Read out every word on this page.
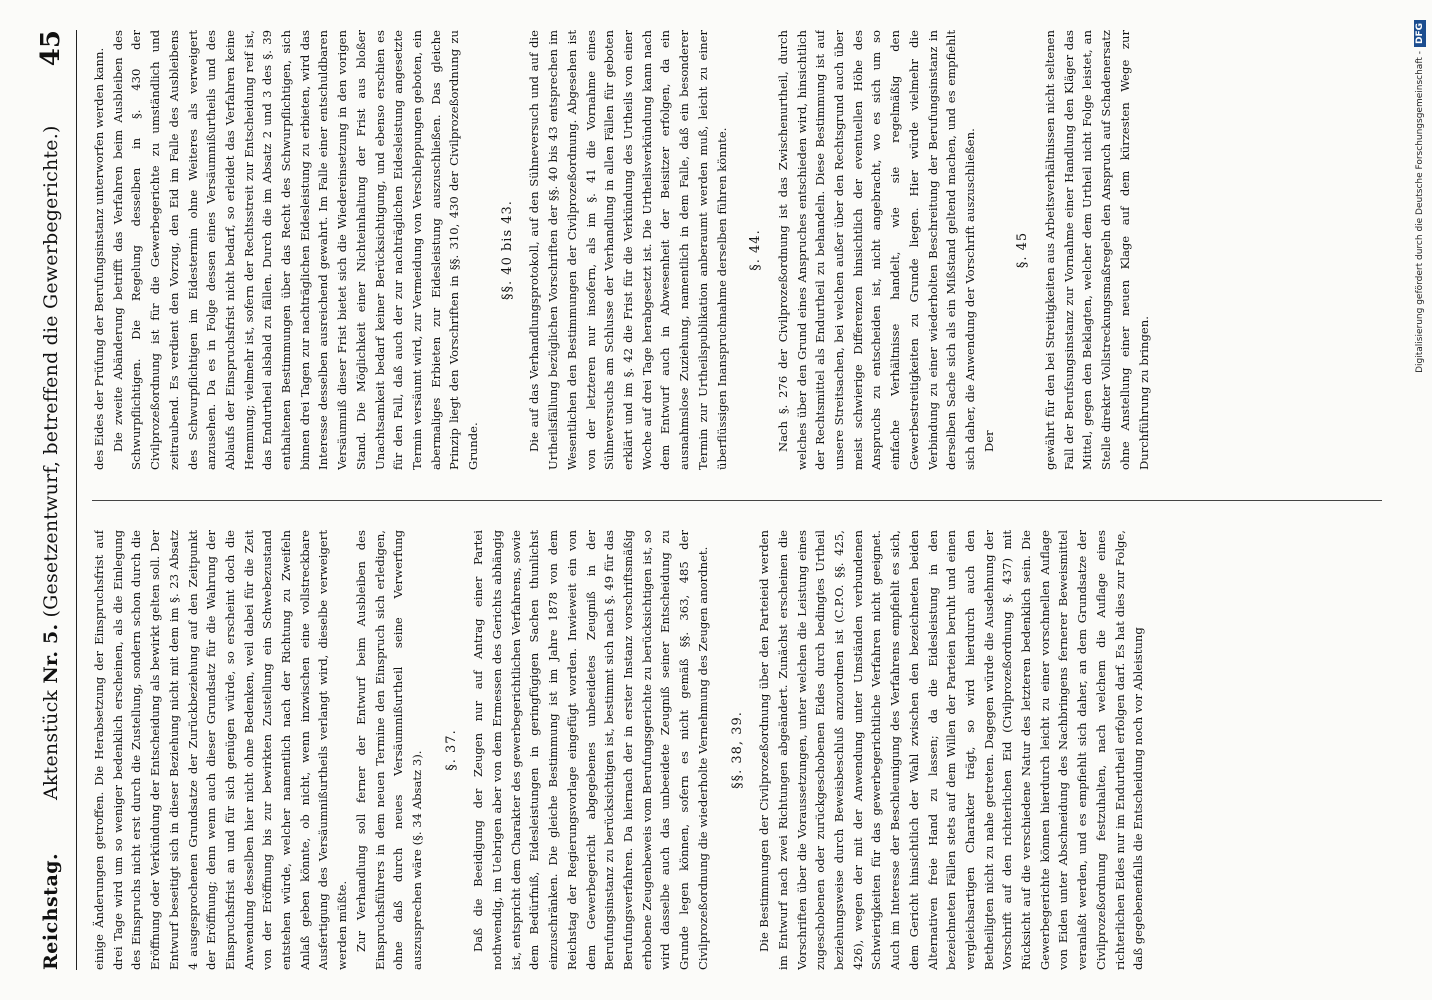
Reichstag.
Aktenstück Nr. 5. (Gesetzentwurf, betreffend die Gewerbegerichte.)
45

einige Änderungen getroffen. Die Herabsetzung der Einspruchsfrist auf drei Tage wird um so weniger bedenklich erscheinen, als die Einlegung des Einspruchs nicht erst durch die Zustellung, sondern schon durch die Eröffnung oder Verkündung der Entscheidung als bewirkt gelten soll. Der Entwurf beseitigt sich in dieser Beziehung nicht mit dem im §. 23 Absatz 4 ausgesprochenen Grundsatze der Zurückbeziehung auf den Zeitpunkt der Eröffnung; denn wenn auch dieser Grundsatz für die Wahrung der Einspruchsfrist an und für sich genügen würde, so erscheint doch die Anwendung desselben hier nicht ohne Bedenken, weil dabei für die Zeit von der Eröffnung bis zur bewirkten Zustellung ein Schwebezustand entstehen würde, welcher namentlich nach der Richtung zu Zweifeln Anlaß geben könnte, ob nicht, wenn inzwischen eine vollstreckbare Ausfertigung des Versäumnißurtheils verlangt wird, dieselbe verweigert werden müßte. Zur Verhandlung soll ferner der Entwurf beim Ausbleiben des Einspruchsführers in dem neuen Termine den Einspruch sich erledigen, ohne daß durch neues Versäumnißurtheil seine Verwerfung auszusprechen wäre (§. 34 Absatz 3).

§. 37. Daß die Beeidigung der Zeugen nur auf Antrag einer Partei nothwendig, im Uebrigen aber von dem Ermessen des Gerichts abhängig ist, entspricht dem Charakter des gewerbegerichtlichen Verfahrens, sowie dem Bedürfniß, Eidesleistungen in geringfügigen Sachen thunlichst einzuschränken. Die gleiche Bestimmung ist im Jahre 1878 von dem Reichstag der Regierungsvorlage eingefügt worden. Inwieweit ein von dem Gewerbegericht abgegebenes unbeeidetes Zeugniß in der Berufungsinstanz zu berücksichtigen ist, bestimmt sich nach §. 49 für das Berufungsverfahren. Da hiernach der in erster Instanz vorschriftsmäßig erhobene Zeugenbeweis vom Berufungsgerichte zu berücksichtigen ist, so wird dasselbe auch das unbeeidete Zeugniß seiner Entscheidung zu Grunde legen können, sofern es nicht gemäß §§. 363, 485 der Civilprozeßordnung die wiederholte Vernehmung des Zeugen anordnet. §§. 38, 39. Die Bestimmungen der Civilprozeßordnung über den Parteieid werden im Entwurf nach zwei Richtungen abgeändert. Zunächst erscheinen die Vorschriften über die Voraussetzungen, unter welchen die Leistung eines zugeschobenen oder zurückgeschobenen Eides durch bedingtes Urtheil beziehungsweise durch Beweisbeschluß anzuordnen ist (C.P.O. §§. 425, 426), wegen der mit der Anwendung unter Umständen verbundenen Schwierigkeiten für das gewerbegerichtliche Verfahren nicht geeignet. Auch im Interesse der Beschleunigung des Verfahrens empfiehlt es sich, dem Gericht hinsichtlich der Wahl zwischen den bezeichneten beiden Alternativen freie Hand zu lassen; da die Eidesleistung in den bezeichneten Fällen stets auf dem Willen der Parteien beruht und einen vergleichsartigen Charakter trägt, so wird hierdurch auch den Betheiligten nicht zu nahe getreten. Dagegen würde die Ausdehnung der Vorschrift auf den richterlichen Eid (Civilprozeßordnung §. 437) mit Rücksicht auf die verschiedene Natur des letzteren bedenklich sein. Die Gewerbegerichte können hierdurch leicht zu einer vorschnellen Auflage von Eiden unter Abschneidung des Nachbringens fernerer Beweismittel veranlaßt werden, und es empfiehlt sich daher, an dem Grundsatze der Civilprozeßordnung festzuhalten, nach welchem die Auflage eines richterlichen Eides nur im Endurtheil erfolgen darf. Es hat dies zur Folge, daß gegebenenfalls die Entscheidung noch vor Ableistung

des Eides der Prüfung der Berufungsinstanz unterworfen werden kann. Die zweite Abänderung betrifft das Verfahren beim Ausbleiben des Schwurpflichtigen. Die Regelung desselben in §. 430 der Civilprozeßordnung ist für die Gewerbegerichte zu umständlich und zeitraubend. Es verdient den Vorzug, den Eid im Falle des Ausbleibens des Schwurpflichtigen im Eidestermin ohne Weiteres als verweigert anzusehen. Da es in Folge dessen eines Versäumnißurtheils und des Ablaufs der Einspruchsfrist nicht bedarf, so erleidet das Verfahren keine Hemmung; vielmehr ist, sofern der Rechtsstreit zur Entscheidung reif ist, das Endurtheil alsbald zu fällen. Durch die im Absatz 2 und 3 des §. 39 enthaltenen Bestimmungen über das Recht des Schwurpflichtigen, sich binnen drei Tagen zur nachträglichen Eidesleistung zu erbieten, wird das Interesse desselben ausreichend gewahrt. Im Falle einer entschuldbaren Versäumniß dieser Frist bietet sich die Wiedereinsetzung in den vorigen Stand. Die Möglichkeit einer Nichteinhaltung der Frist aus bloßer Unachtsamkeit bedarf keiner Berücksichtigung, und ebenso erschien es für den Fall, daß auch der zur nachträglichen Eidesleistung angesetzte Termin versäumt wird, zur Vermeidung von Verschleppungen geboten, ein abermaliges Erbieten zur Eidesleistung auszuschließen. Das gleiche Prinzip liegt den Vorschriften in §§. 310, 430 der Civilprozeßordnung zu Grunde.

§§. 40 bis 43. Die auf das Verhandlungsprotokoll, auf den Sühneversuch und auf die Urtheilsfällung bezüglichen Vorschriften der §§. 40 bis 43 entsprechen im Wesentlichen den Bestimmungen der Civilprozeßordnung. Abgesehen ist von der letzteren nur insofern, als im §. 41 die Vornahme eines Sühneversuchs am Schlusse der Verhandlung in allen Fällen für geboten erklärt und im §. 42 die Frist für die Verkündung des Urtheils von einer Woche auf drei Tage herabgesetzt ist. Die Urtheilsverkündung kann nach dem Entwurf auch in Abwesenheit der Beisitzer erfolgen, da ein ausnahmslose Zuziehung, namentlich in dem Falle, daß ein besonderer Termin zur Urtheilspublikation anberaumt werden muß, leicht zu einer überflüssigen Inanspruchnahme derselben führen könnte. §. 44. Nach §. 276 der Civilprozeßordnung ist das Zwischenurtheil, durch welches über den Grund eines Anspruches entschieden wird, hinsichtlich der Rechtsmittel als Endurtheil zu behandeln. Diese Bestimmung ist auf unsere Streitsachen, bei welchen außer über den Rechtsgrund auch über meist schwierige Differenzen hinsichtlich der eventuellen Höhe des Anspruchs zu entscheiden ist, nicht angebracht, wo es sich um so einfache Verhältnisse handelt, wie sie regelmäßig den Gewerbestreitigkeiten zu Grunde liegen. Hier würde vielmehr die Verbindung zu einer wiederholten Beschreitung der Berufungsinstanz in derselben Sache sich als ein Mißstand geltend machen, und es empfiehlt sich daher, die Anwendung der Vorschrift auszuschließen. Der

§. 45 gewährt für den bei Streitigkeiten aus Arbeitsverhältnissen nicht seltenen Fall der Berufsungsinstanz zur Vornahme einer Handlung den Kläger das Mittel, gegen den Beklagten, welcher dem Urtheil nicht Folge leistet, an Stelle direkter Vollstreckungsmaßregeln den Anspruch auf Schadenersatz ohne Anstellung einer neuen Klage auf dem kürzesten Wege zur Durchführung zu bringen.

Digitalisierung gefördert durch die Deutsche Forschungsgemeinschaft -DFG
